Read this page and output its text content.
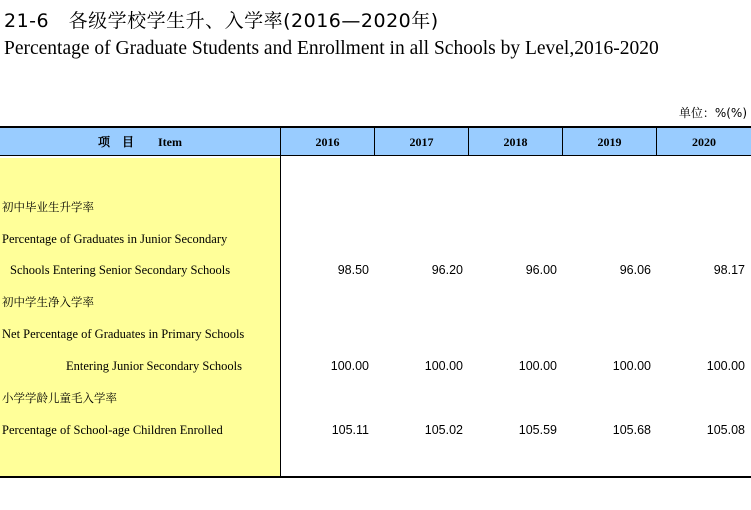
21-6　各级学校学生升、入学率(2016—2020年)
Percentage of Graduate Students and Enrollment in all Schools by Level,2016-2020
单位：%(%)
项　目　　Item	2016	2017	2018	2019	2020
初中毕业生升学率
Percentage of Graduates in Junior Secondary
Schools Entering Senior Secondary Schools	98.50	96.20	96.00	96.06	98.17
初中学生净入学率
Net Percentage of Graduates in Primary Schools
Entering Junior Secondary Schools	100.00	100.00	100.00	100.00	100.00
小学学龄儿童毛入学率
Percentage of School-age Children Enrolled	105.11	105.02	105.59	105.68	105.08
